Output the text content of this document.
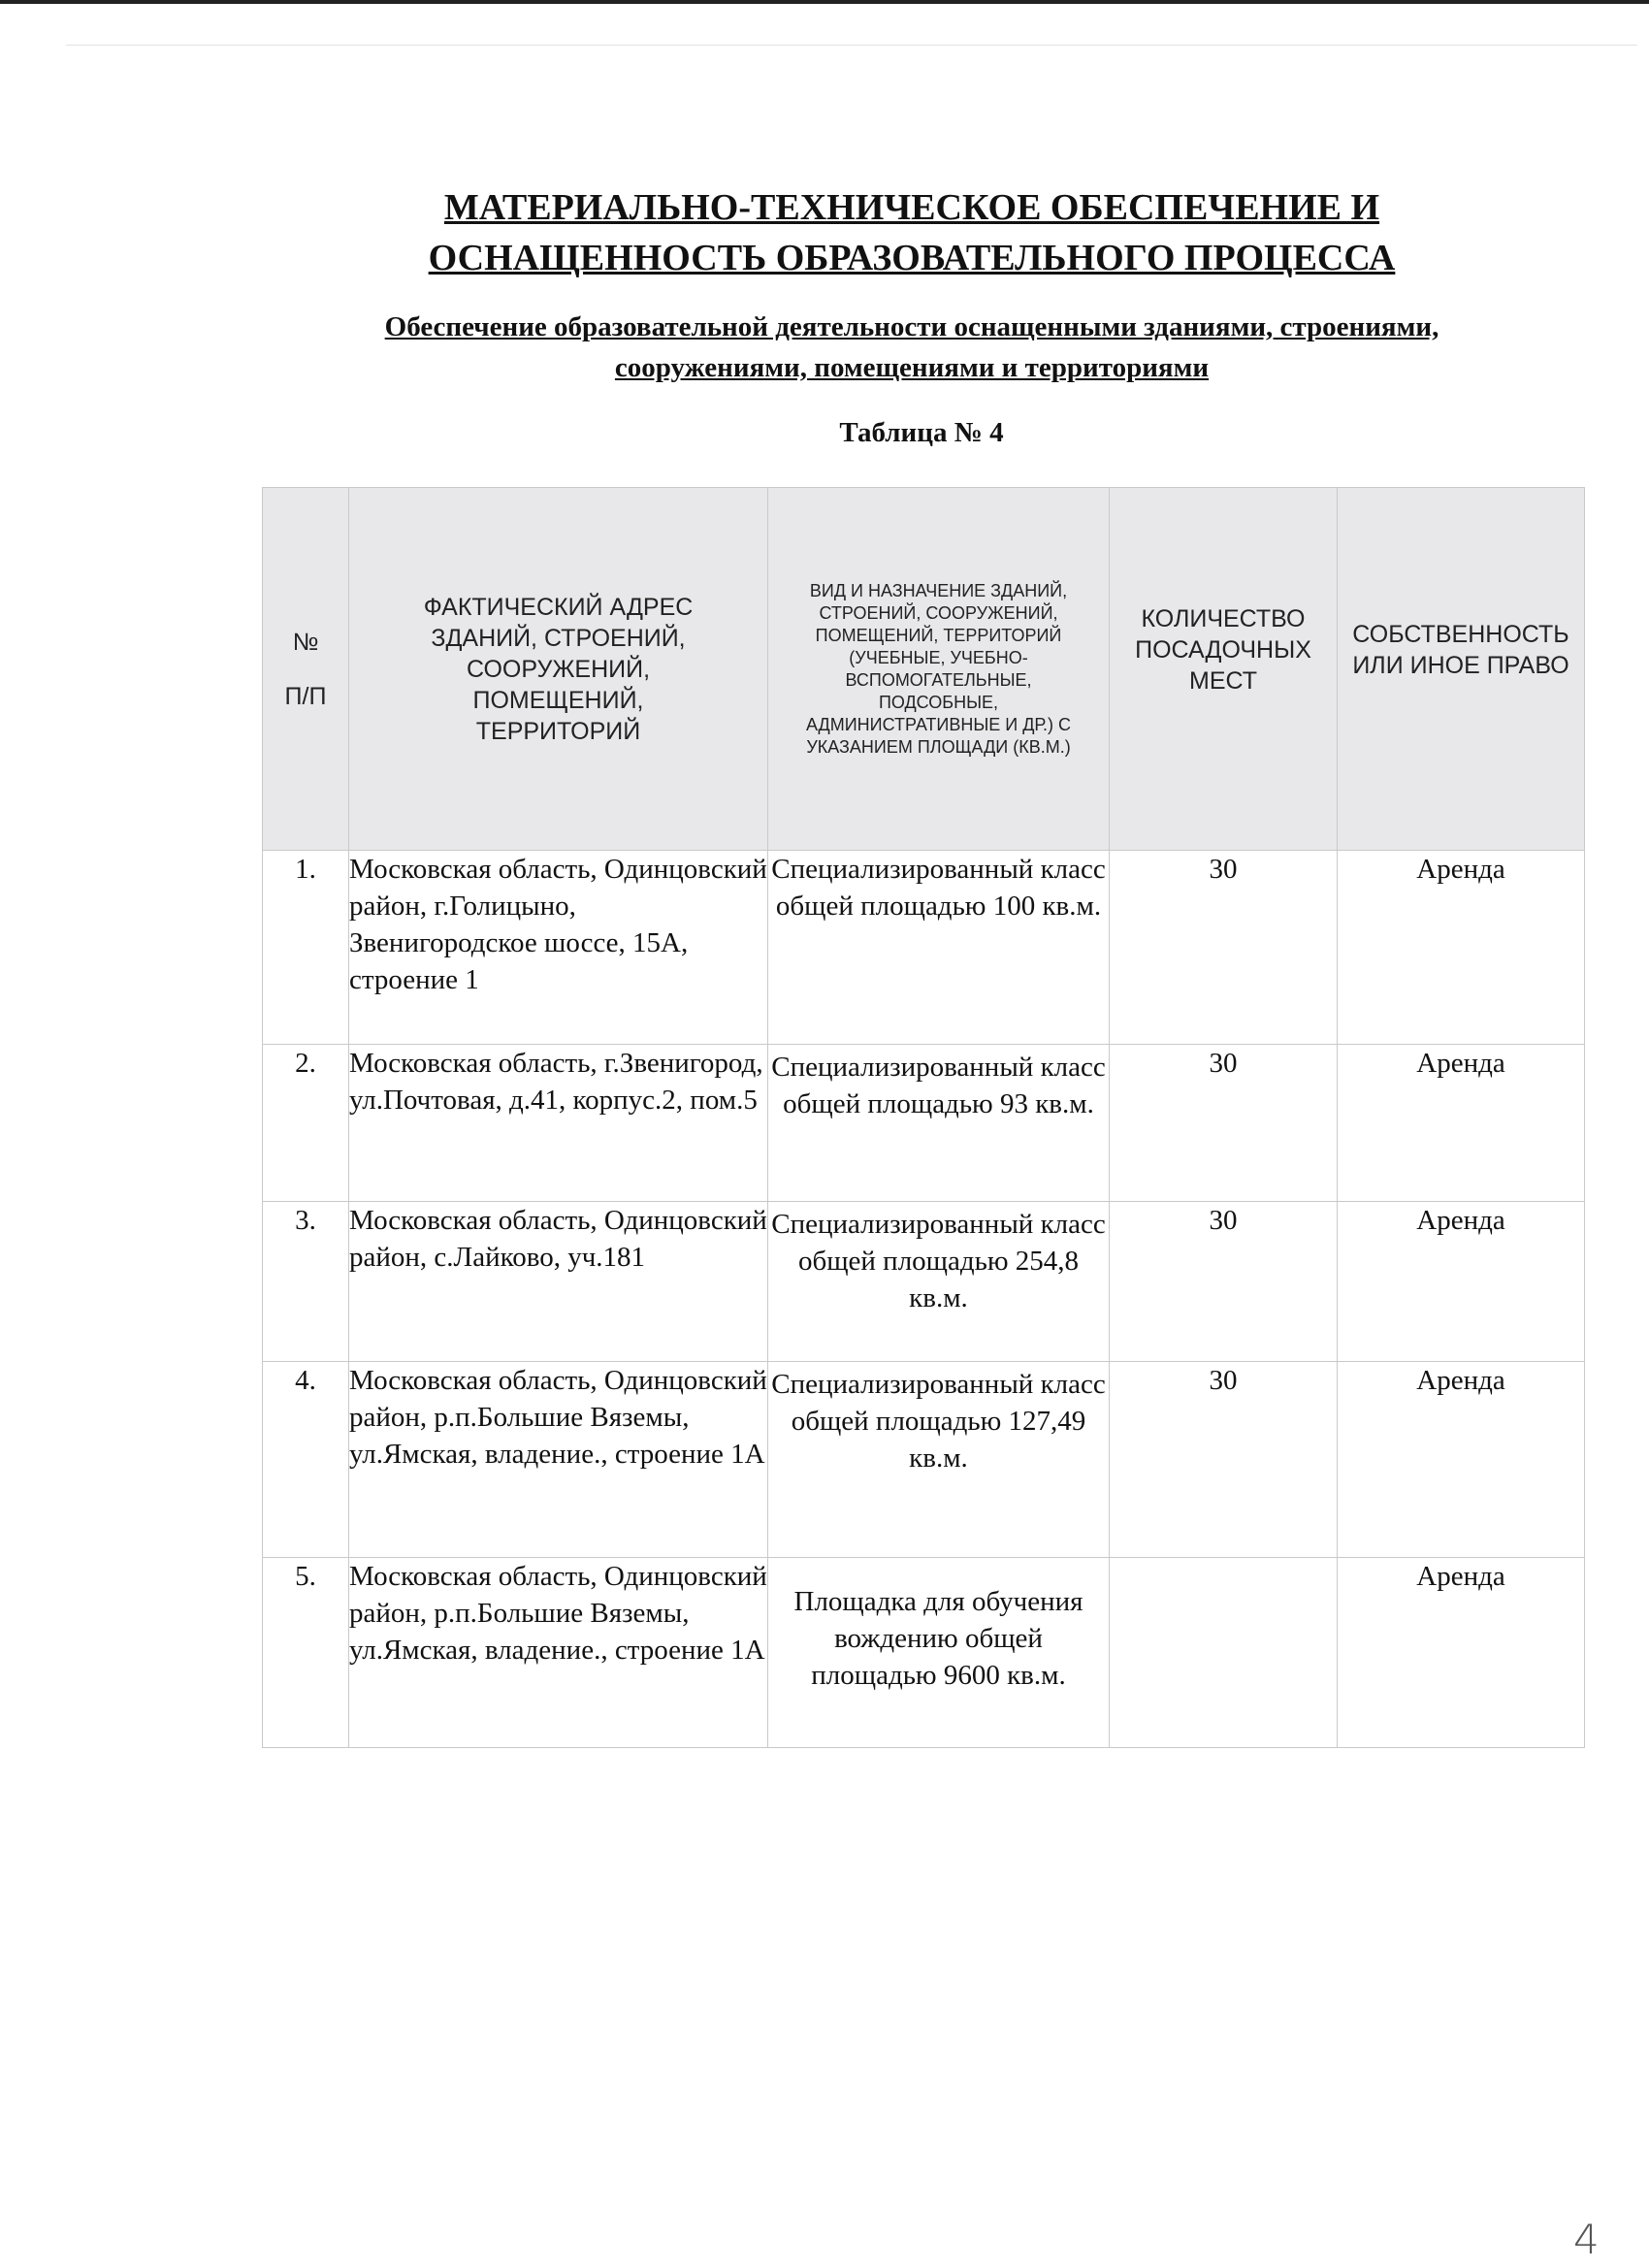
МАТЕРИАЛЬНО-ТЕХНИЧЕСКОЕ ОБЕСПЕЧЕНИЕ И
ОСНАЩЕННОСТЬ ОБРАЗОВАТЕЛЬНОГО ПРОЦЕССА
Обеспечение образовательной деятельности оснащенными зданиями, строениями,
сооружениями, помещениями и территориями
Таблица № 4
№
П/П	ФАКТИЧЕСКИЙ АДРЕС ЗДАНИЙ, СТРОЕНИЙ, СООРУЖЕНИЙ, ПОМЕЩЕНИЙ, ТЕРРИТОРИЙ	ВИД И НАЗНАЧЕНИЕ ЗДАНИЙ, СТРОЕНИЙ, СООРУЖЕНИЙ, ПОМЕЩЕНИЙ, ТЕРРИТОРИЙ (УЧЕБНЫЕ, УЧЕБНО-ВСПОМОГАТЕЛЬНЫЕ, ПОДСОБНЫЕ, АДМИНИСТРАТИВНЫЕ И ДР.) С УКАЗАНИЕМ ПЛОЩАДИ (КВ.М.)	КОЛИЧЕСТВО ПОСАДОЧНЫХ МЕСТ	СОБСТВЕННОСТЬ ИЛИ ИНОЕ ПРАВО
1.	Московская область, Одинцовский район, г.Голицыно, Звенигородское шоссе, 15А, строение 1	Специализированный класс общей площадью 100 кв.м.	30	Аренда
2.	Московская область, г.Звенигород, ул.Почтовая, д.41, корпус.2, пом.5	Специализированный класс общей площадью 93 кв.м.	30	Аренда
3.	Московская область, Одинцовский район, с.Лайково, уч.181	Специализированный класс общей площадью 254,8 кв.м.	30	Аренда
4.	Московская область, Одинцовский район, р.п.Большие Вяземы, ул.Ямская, владение., строение 1А	Специализированный класс общей площадью 127,49 кв.м.	30	Аренда
5.	Московская область, Одинцовский район, р.п.Большие Вяземы, ул.Ямская, владение., строение 1А	Площадка для обучения вождению общей площадью 9600 кв.м.		Аренда
4
